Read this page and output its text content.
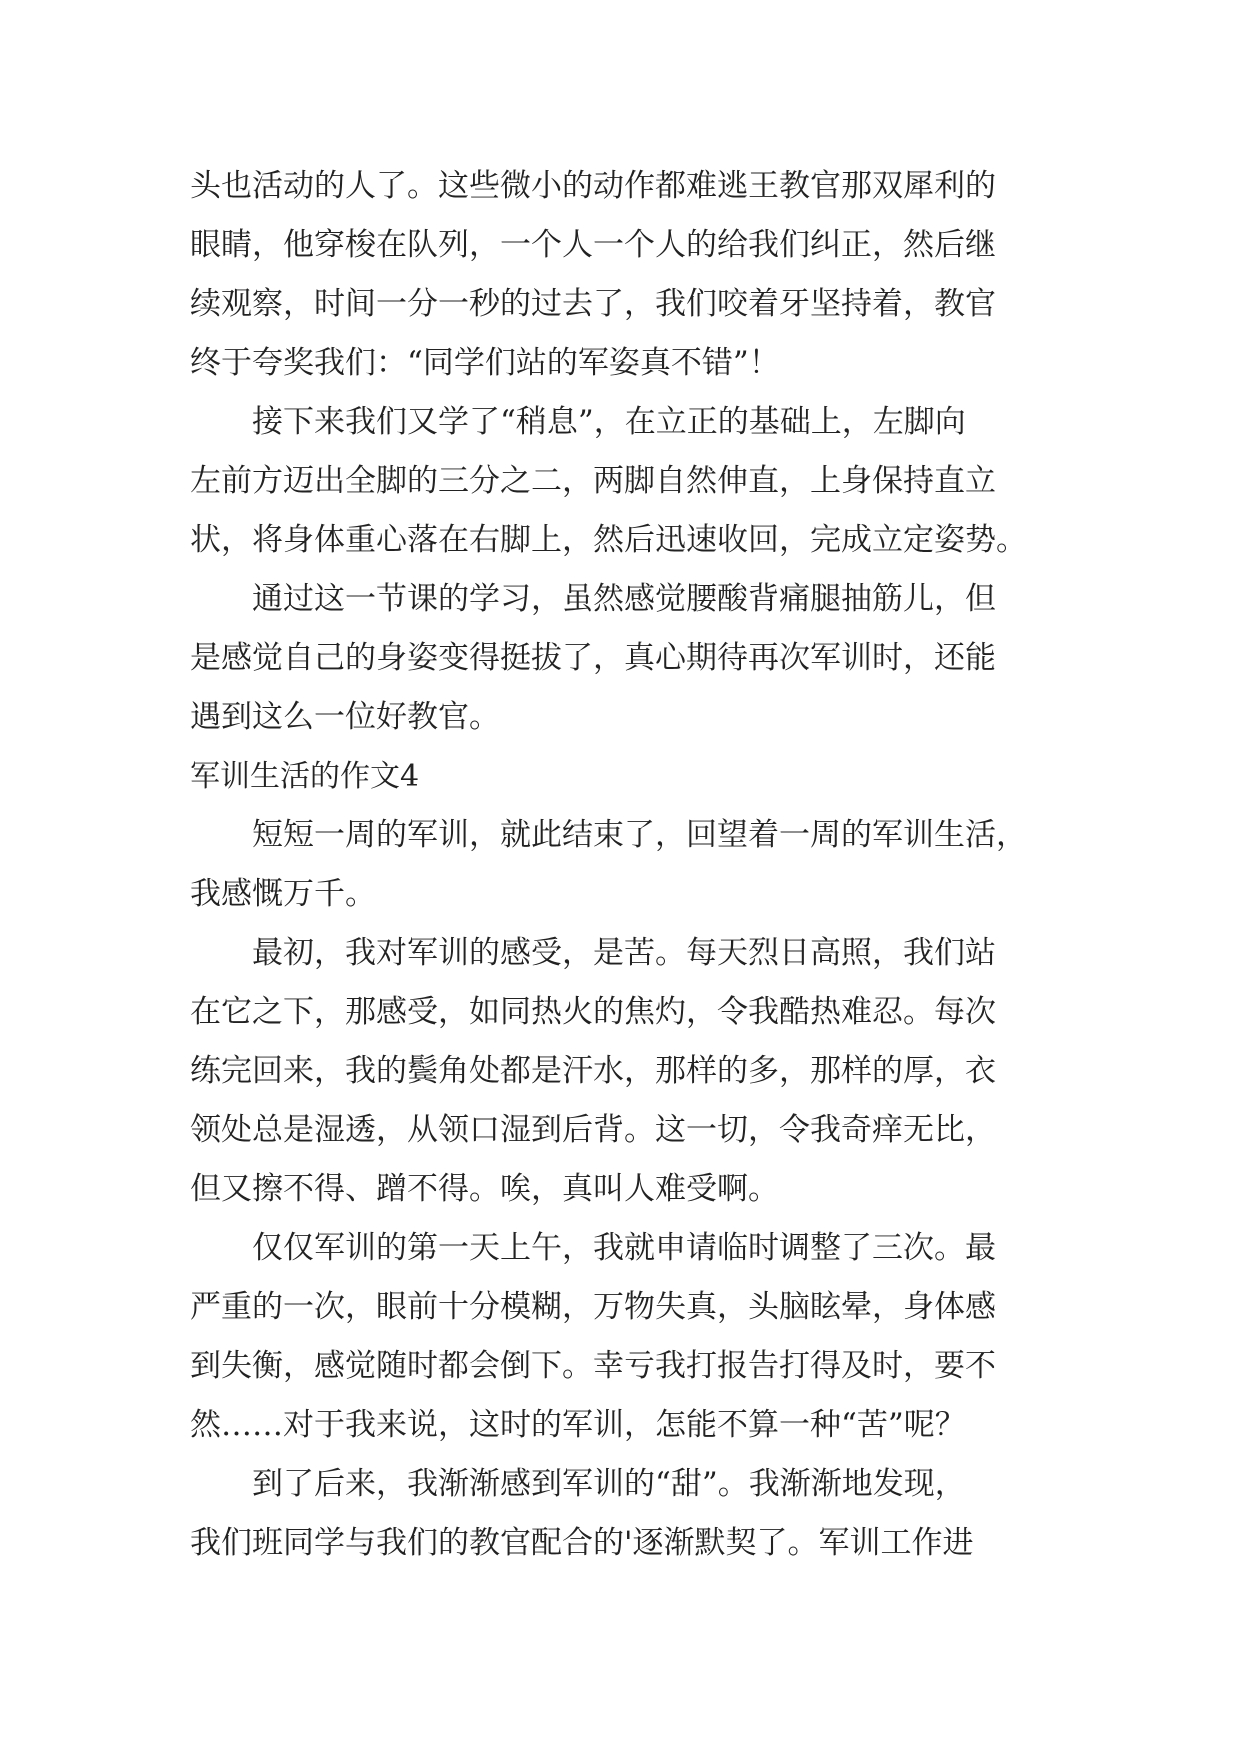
头也活动的人了。这些微小的动作都难逃王教官那双犀利的

眼睛，他穿梭在队列，一个人一个人的给我们纠正，然后继

续观察，时间一分一秒的过去了，我们咬着牙坚持着，教官

终于夸奖我们：“同学们站的军姿真不错”！

接下来我们又学了“稍息”，在立正的基础上，左脚向

左前方迈出全脚的三分之二，两脚自然伸直，上身保持直立

状，将身体重心落在右脚上，然后迅速收回，完成立定姿势。

通过这一节课的学习，虽然感觉腰酸背痛腿抽筋儿，但

是感觉自己的身姿变得挺拔了，真心期待再次军训时，还能

遇到这么一位好教官。

军训生活的作文4

短短一周的军训，就此结束了，回望着一周的军训生活，

我感慨万千。

最初，我对军训的感受，是苦。每天烈日高照，我们站

在它之下，那感受，如同热火的焦灼，令我酷热难忍。每次

练完回来，我的鬓角处都是汗水，那样的多，那样的厚，衣

领处总是湿透，从领口湿到后背。这一切，令我奇痒无比，

但又擦不得、蹭不得。唉，真叫人难受啊。

仅仅军训的第一天上午，我就申请临时调整了三次。最

严重的一次，眼前十分模糊，万物失真，头脑眩晕，身体感

到失衡，感觉随时都会倒下。幸亏我打报告打得及时，要不

然……对于我来说，这时的军训，怎能不算一种“苦”呢？

到了后来，我渐渐感到军训的“甜”。我渐渐地发现，

我们班同学与我们的教官配合的'逐渐默契了。军训工作进
